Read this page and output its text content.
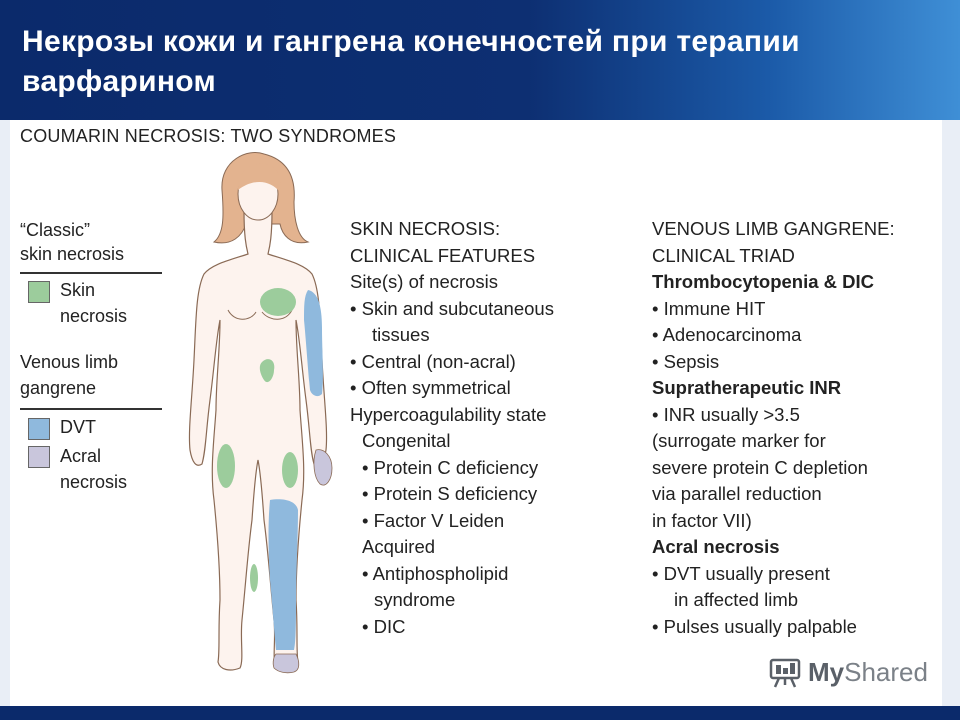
Некрозы кожи и гангрена конечностей при терапии варфарином
COUMARIN NECROSIS: TWO SYNDROMES
“Classic”
skin necrosis
Skin
necrosis
Venous limb
gangrene
DVT
Acral
necrosis
SKIN NECROSIS:
CLINICAL FEATURES
Site(s) of necrosis
• Skin and subcutaneous
tissues
• Central (non-acral)
• Often symmetrical
Hypercoagulability state
Congenital
• Protein C deficiency
• Protein S deficiency
• Factor V Leiden
Acquired
• Antiphospholipid
syndrome
• DIC
VENOUS LIMB GANGRENE:
CLINICAL TRIAD
Thrombocytopenia & DIC
• Immune HIT
• Adenocarcinoma
• Sepsis
Supratherapeutic INR
• INR usually >3.5
(surrogate marker for
severe protein C depletion
via parallel reduction
in factor VII)
Acral necrosis
• DVT usually present
in affected limb
• Pulses usually palpable
My Shared
